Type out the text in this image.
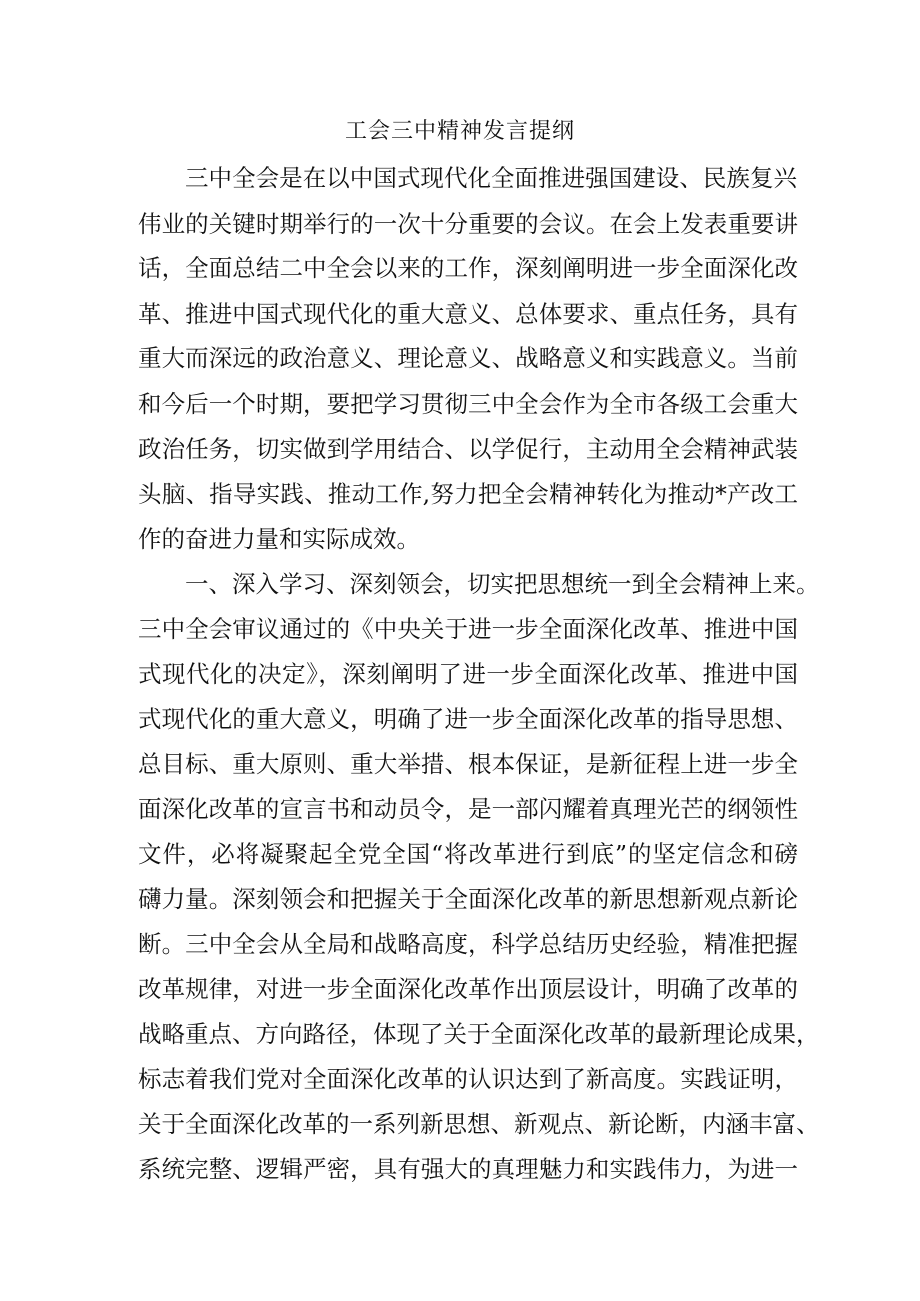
工会三中精神发言提纲
三中全会是在以中国式现代化全面推进强国建设、民族复兴
伟业的关键时期举行的一次十分重要的会议。在会上发表重要讲
话，全面总结二中全会以来的工作，深刻阐明进一步全面深化改
革、推进中国式现代化的重大意义、总体要求、重点任务，具有
重大而深远的政治意义、理论意义、战略意义和实践意义。当前
和今后一个时期，要把学习贯彻三中全会作为全市各级工会重大
政治任务，切实做到学用结合、以学促行，主动用全会精神武装
头脑、指导实践、推动工作,努力把全会精神转化为推动*产改工
作的奋进力量和实际成效。
一、深入学习、深刻领会，切实把思想统一到全会精神上来。
三中全会审议通过的《中央关于进一步全面深化改革、推进中国
式现代化的决定》，深刻阐明了进一步全面深化改革、推进中国
式现代化的重大意义，明确了进一步全面深化改革的指导思想、
总目标、重大原则、重大举措、根本保证，是新征程上进一步全
面深化改革的宣言书和动员令，是一部闪耀着真理光芒的纲领性
文件，必将凝聚起全党全国“将改革进行到底”的坚定信念和磅
礴力量。深刻领会和把握关于全面深化改革的新思想新观点新论
断。三中全会从全局和战略高度，科学总结历史经验，精准把握
改革规律，对进一步全面深化改革作出顶层设计，明确了改革的
战略重点、方向路径，体现了关于全面深化改革的最新理论成果，
标志着我们党对全面深化改革的认识达到了新高度。实践证明，
关于全面深化改革的一系列新思想、新观点、新论断，内涵丰富、
系统完整、逻辑严密，具有强大的真理魅力和实践伟力，为进一
